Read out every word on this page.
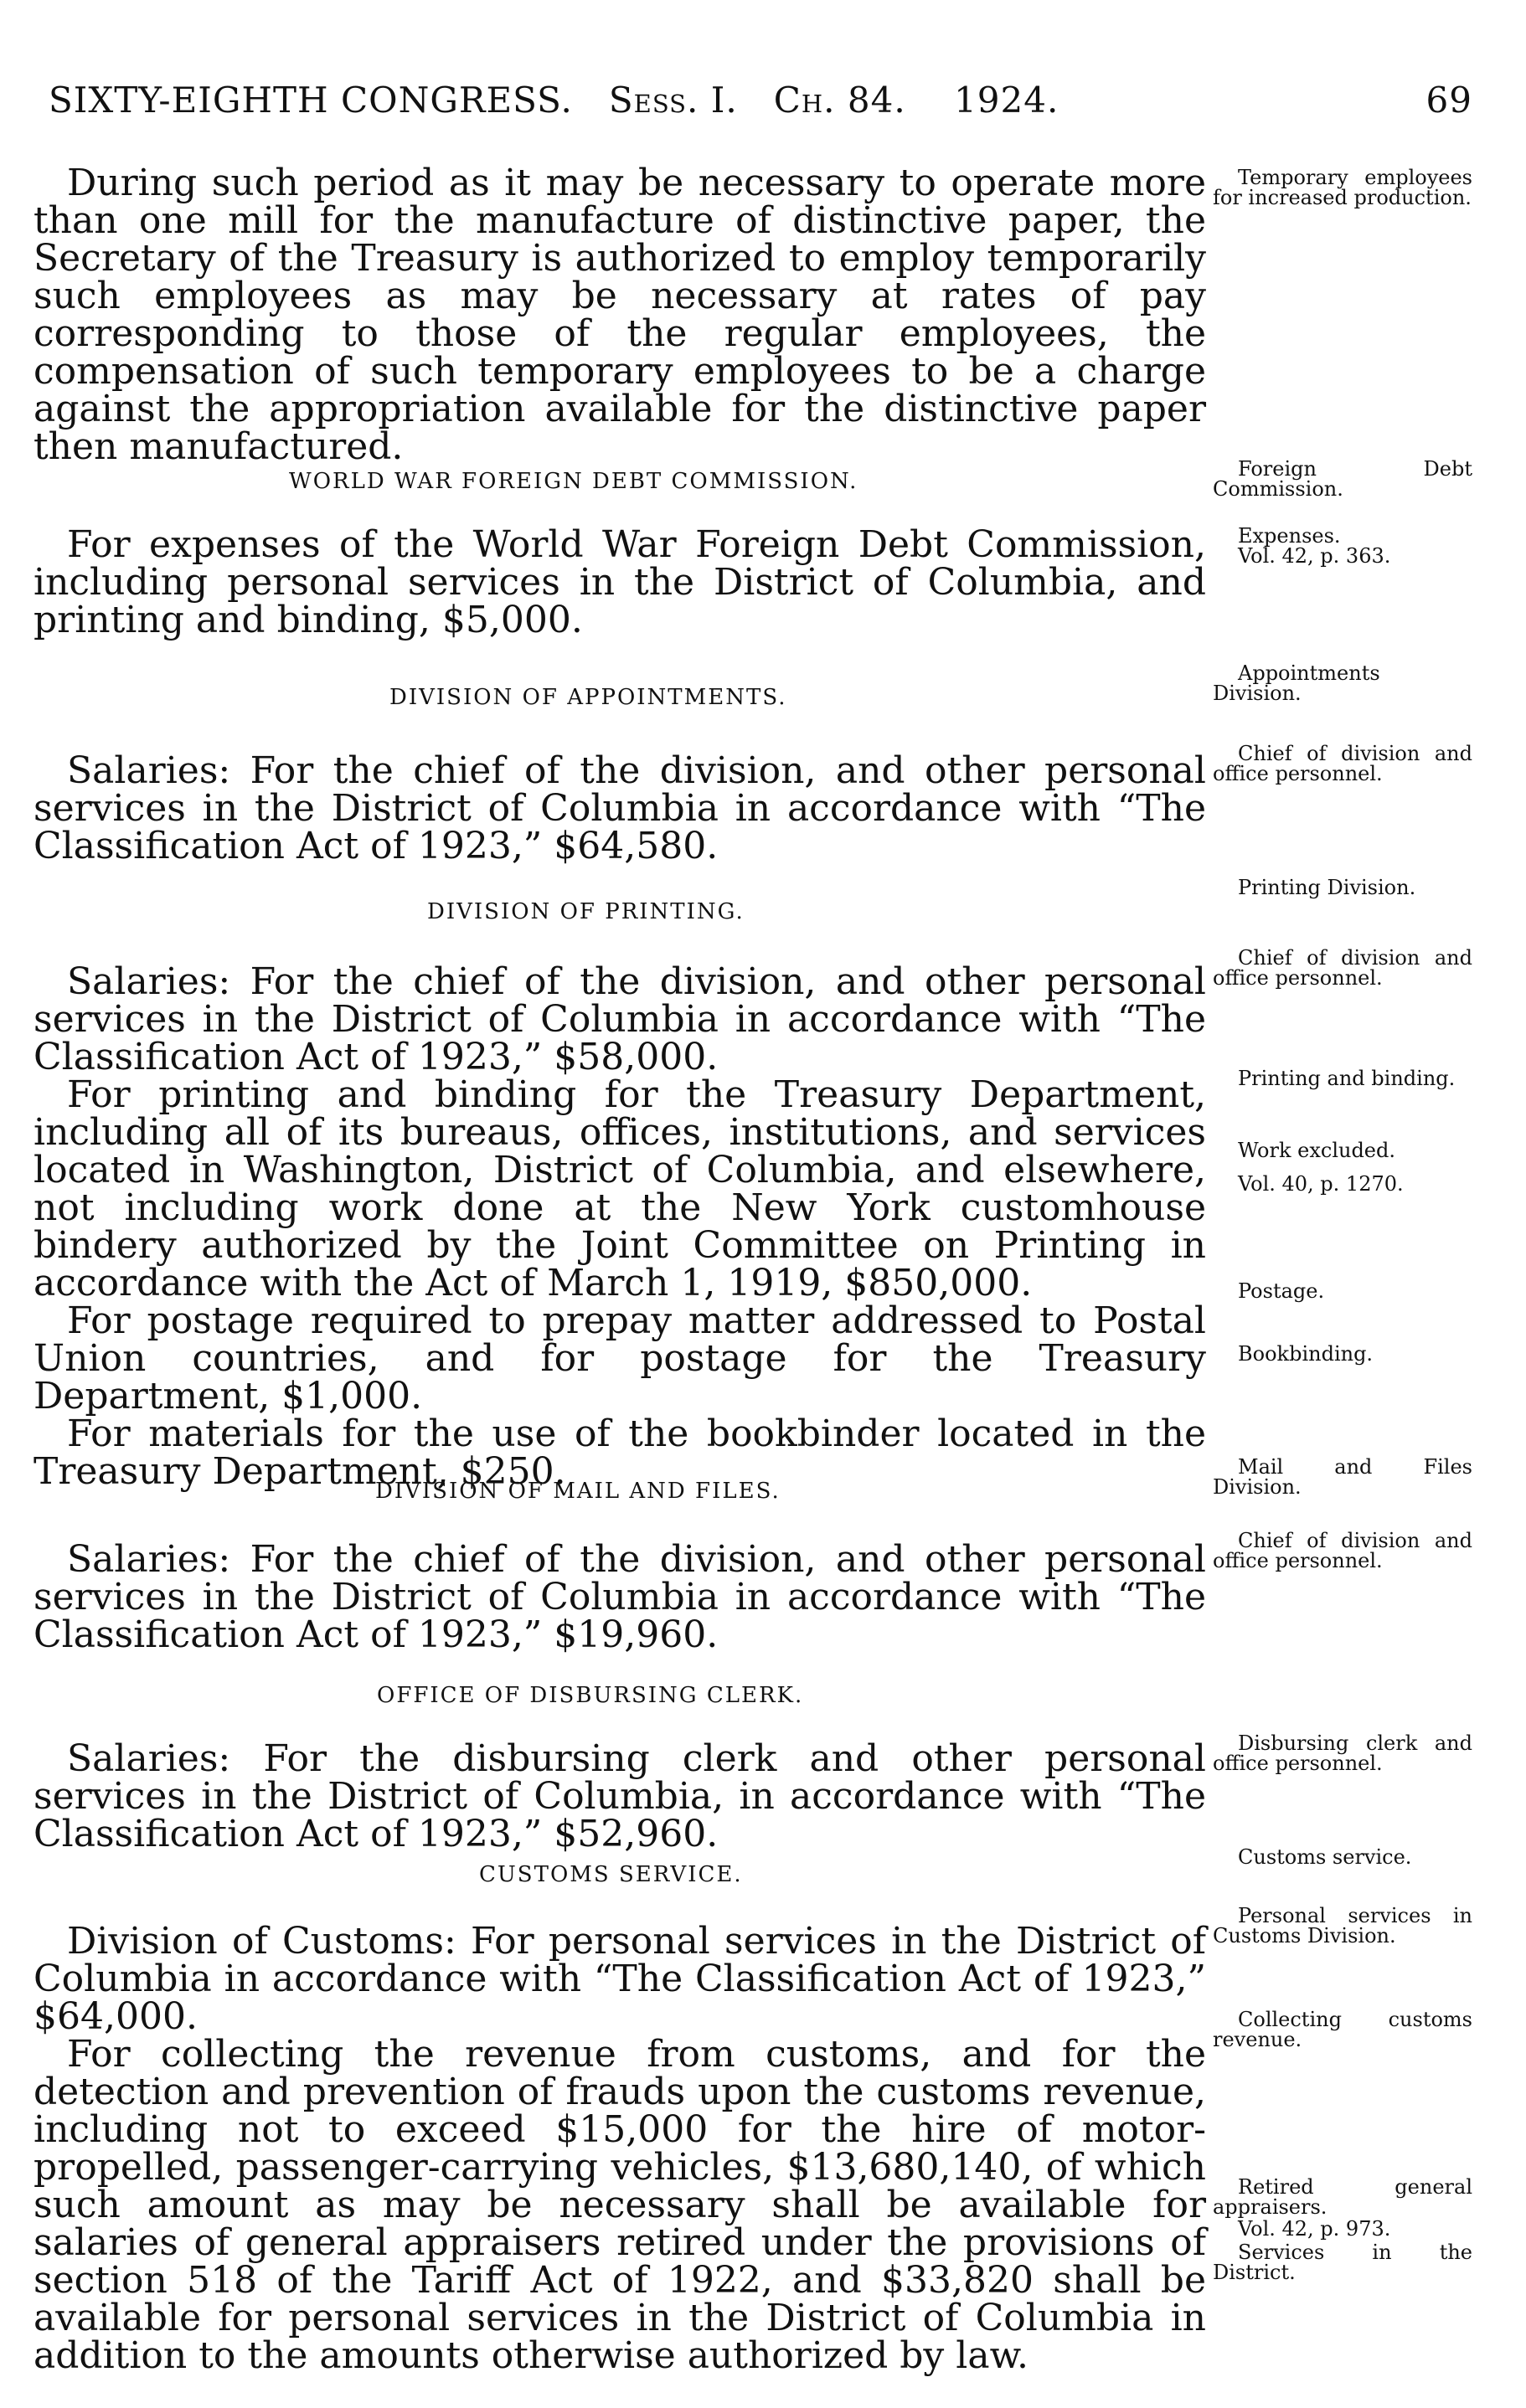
SIXTY-EIGHTH CONGRESS. Sess. I. Ch. 84. 1924.	69

During such period as it may be necessary to operate more than one mill for the manufacture of distinctive paper, the Secretary of the Treasury is authorized to employ temporarily such employees as may be necessary at rates of pay corresponding to those of the regular employees, the compensation of such temporary employees to be a charge against the appropriation available for the distinctive paper then manufactured.

Temporary employees for increased production.
WORLD WAR FOREIGN DEBT COMMISSION.	Foreign Debt Commission.

For expenses of the World War Foreign Debt Commission, including personal services in the District of Columbia, and printing and binding, $5,000.

Expenses.
Vol. 42, p. 363.
DIVISION OF APPOINTMENTS.
Appointments Division.

Salaries: For the chief of the division, and other personal services in the District of Columbia in accordance with “The Classification Act of 1923,” $64,580.

Chief of division and office personnel.
DIVISION OF PRINTING.
Printing Division.

Salaries: For the chief of the division, and other personal services in the District of Columbia in accordance with “The Classification Act of 1923,” $58,000.

For printing and binding for the Treasury Department, including all of its bureaus, offices, institutions, and services located in Washington, District of Columbia, and elsewhere, not including work done at the New York customhouse bindery authorized by the Joint Committee on Printing in accordance with the Act of March 1, 1919, $850,000.

For postage required to prepay matter addressed to Postal Union countries, and for postage for the Treasury Department, $1,000.

For materials for the use of the bookbinder located in the Treasury Department, $250.

Chief of division and office personnel.
Printing and binding.
Work excluded.
Vol. 40, p. 1270.
Postage.
Bookbinding.
DIVISION OF MAIL AND FILES.
Mail and Files Division.

Salaries: For the chief of the division, and other personal services in the District of Columbia in accordance with “The Classification Act of 1923,” $19,960.

Chief of division and office personnel.
OFFICE OF DISBURSING CLERK.

Salaries: For the disbursing clerk and other personal services in the District of Columbia, in accordance with “The Classification Act of 1923,” $52,960.

Disbursing clerk and office personnel.
CUSTOMS SERVICE.
Customs service.

Division of Customs: For personal services in the District of Columbia in accordance with “The Classification Act of 1923,” $64,000.

For collecting the revenue from customs, and for the detection and prevention of frauds upon the customs revenue, including not to exceed $15,000 for the hire of motor-propelled, passenger-carrying vehicles, $13,680,140, of which such amount as may be necessary shall be available for salaries of general appraisers retired under the provisions of section 518 of the Tariff Act of 1922, and $33,820 shall be available for personal services in the District of Columbia in addition to the amounts otherwise authorized by law.

Personal services in Customs Division.
Collecting customs revenue.
Retired general appraisers.
Vol. 42, p. 973.
Services in the District.
